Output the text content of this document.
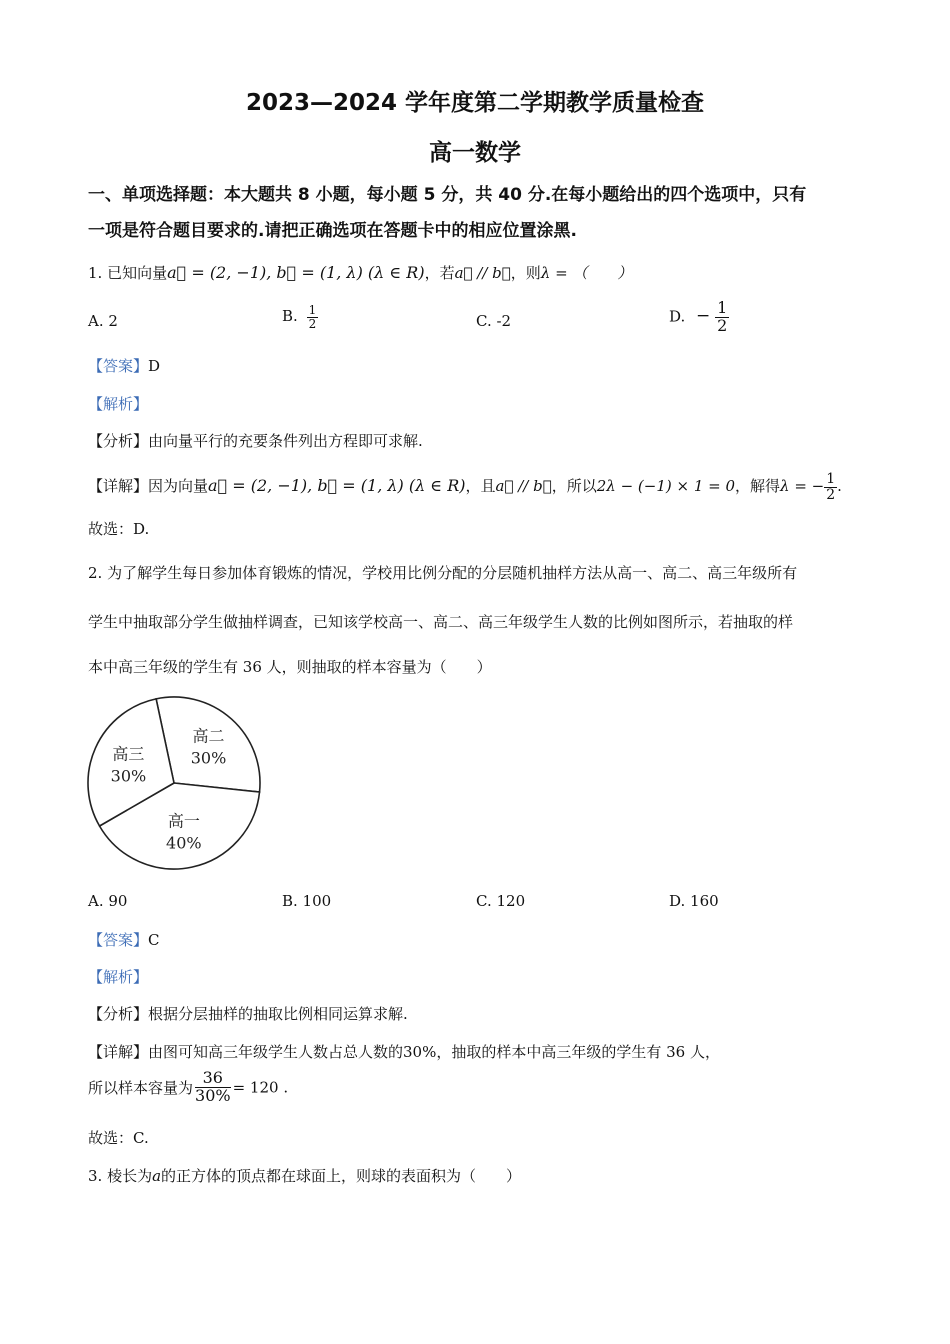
2023—2024 学年度第二学期教学质量检查
高一数学
一、单项选择题：本大题共 8 小题，每小题 5 分，共 40 分.在每小题给出的四个选项中，只有
一项是符合题目要求的.请把正确选项在答题卡中的相应位置涂黑.
1. 已知向量a⃗ = (2, −1), b⃗ = (1, λ) (λ ∈ R)，若a⃗ // b⃗，则λ = （　　）
A. 2	B. $\frac{1}{2}$	C. -2	D. − $\frac{1}{2}$
【答案】D
【解析】
【分析】由向量平行的充要条件列出方程即可求解.
【详解】因为向量a⃗ = (2, −1), b⃗ = (1, λ) (λ ∈ R)，且a⃗ // b⃗，所以2λ − (−1) × 1 = 0，解得λ = − $\frac{1}{2}$ .
故选：D.
2. 为了解学生每日参加体育锻炼的情况，学校用比例分配的分层随机抽样方法从高一、高二、高三年级所有
学生中抽取部分学生做抽样调查，已知该学校高一、高二、高三年级学生人数的比例如图所示，若抽取的样
本中高三年级的学生有 36 人，则抽取的样本容量为（　　）
高二
30%
高一
40%
高三
30%
A. 90	B. 100	C. 120	D. 160
【答案】C
【解析】
【分析】根据分层抽样的抽取比例相同运算求解.
【详解】由图可知高三年级学生人数占总人数的30%，抽取的样本中高三年级的学生有 36 人，
所以样本容量为 $\frac{36}{30\%} = 120$ .
故选：C.
3. 棱长为a的正方体的顶点都在球面上，则球的表面积为（　　）
